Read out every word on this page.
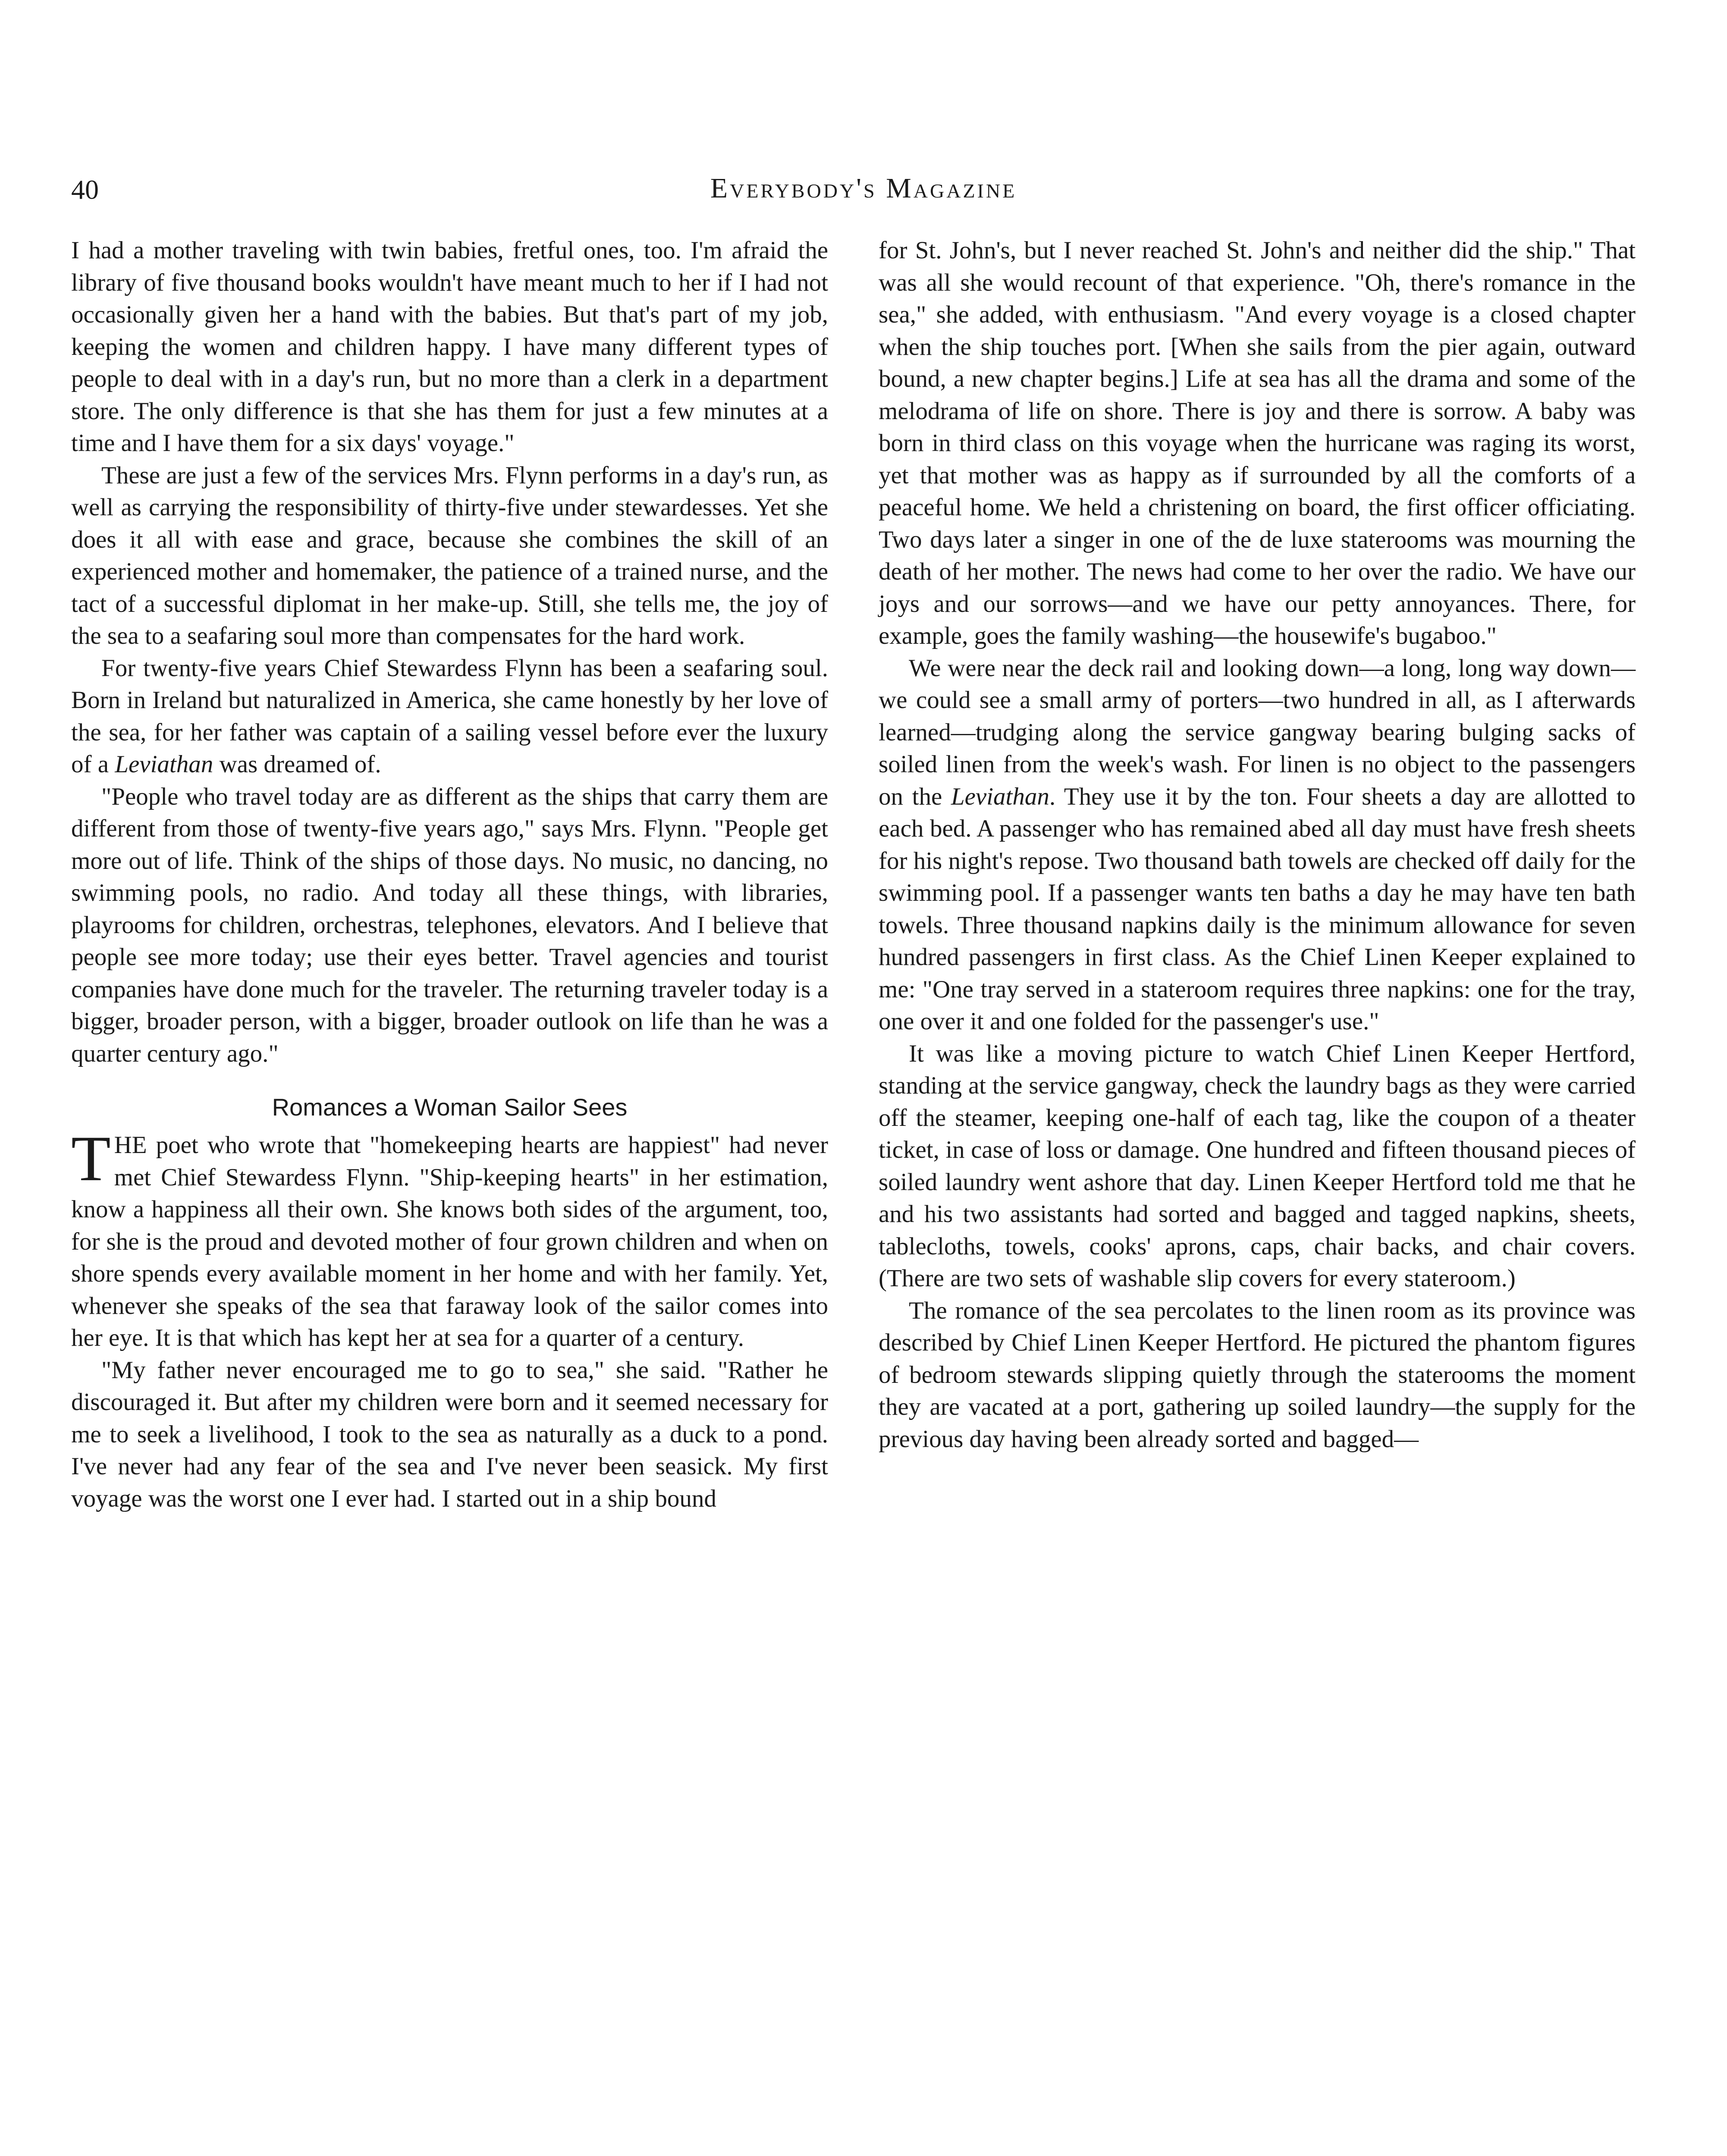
40	Everybody's Magazine

I had a mother traveling with twin babies, fretful ones, too. I'm afraid the library of five thousand books wouldn't have meant much to her if I had not occasionally given her a hand with the babies. But that's part of my job, keeping the women and children happy. I have many different types of people to deal with in a day's run, but no more than a clerk in a department store. The only difference is that she has them for just a few minutes at a time and I have them for a six days' voyage."

These are just a few of the services Mrs. Flynn performs in a day's run, as well as carrying the responsibility of thirty-five under stewardesses. Yet she does it all with ease and grace, because she combines the skill of an experienced mother and homemaker, the patience of a trained nurse, and the tact of a successful diplomat in her make-up. Still, she tells me, the joy of the sea to a seafaring soul more than compensates for the hard work.

For twenty-five years Chief Stewardess Flynn has been a seafaring soul. Born in Ireland but naturalized in America, she came honestly by her love of the sea, for her father was captain of a sailing vessel before ever the luxury of a Leviathan was dreamed of.

"People who travel today are as different as the ships that carry them are different from those of twenty-five years ago," says Mrs. Flynn. "People get more out of life. Think of the ships of those days. No music, no dancing, no swimming pools, no radio. And today all these things, with libraries, playrooms for children, orchestras, telephones, elevators. And I believe that people see more today; use their eyes better. Travel agencies and tourist companies have done much for the traveler. The returning traveler today is a bigger, broader person, with a bigger, broader outlook on life than he was a quarter century ago."

Romances a Woman Sailor Sees

THE poet who wrote that "homekeeping hearts are happiest" had never met Chief Stewardess Flynn. "Ship-keeping hearts" in her estimation, know a happiness all their own. She knows both sides of the argument, too, for she is the proud and devoted mother of four grown children and when on shore spends every available moment in her home and with her family. Yet, whenever she speaks of the sea that faraway look of the sailor comes into her eye. It is that which has kept her at sea for a quarter of a century.

"My father never encouraged me to go to sea," she said. "Rather he discouraged it. But after my children were born and it seemed necessary for me to seek a livelihood, I took to the sea as naturally as a duck to a pond. I've never had any fear of the sea and I've never been seasick. My first voyage was the worst one I ever had. I started out in a ship bound

for St. John's, but I never reached St. John's and neither did the ship." That was all she would recount of that experience. "Oh, there's romance in the sea," she added, with enthusiasm. "And every voyage is a closed chapter when the ship touches port. [When she sails from the pier again, outward bound, a new chapter begins.] Life at sea has all the drama and some of the melodrama of life on shore. There is joy and there is sorrow. A baby was born in third class on this voyage when the hurricane was raging its worst, yet that mother was as happy as if surrounded by all the comforts of a peaceful home. We held a christening on board, the first officer officiating. Two days later a singer in one of the de luxe staterooms was mourning the death of her mother. The news had come to her over the radio. We have our joys and our sorrows—and we have our petty annoyances. There, for example, goes the family washing—the housewife's bugaboo."

We were near the deck rail and looking down—a long, long way down—we could see a small army of porters—two hundred in all, as I afterwards learned—trudging along the service gangway bearing bulging sacks of soiled linen from the week's wash. For linen is no object to the passengers on the Leviathan. They use it by the ton. Four sheets a day are allotted to each bed. A passenger who has remained abed all day must have fresh sheets for his night's repose. Two thousand bath towels are checked off daily for the swimming pool. If a passenger wants ten baths a day he may have ten bath towels. Three thousand napkins daily is the minimum allowance for seven hundred passengers in first class. As the Chief Linen Keeper explained to me: "One tray served in a stateroom requires three napkins: one for the tray, one over it and one folded for the passenger's use."

It was like a moving picture to watch Chief Linen Keeper Hertford, standing at the service gangway, check the laundry bags as they were carried off the steamer, keeping one-half of each tag, like the coupon of a theater ticket, in case of loss or damage. One hundred and fifteen thousand pieces of soiled laundry went ashore that day. Linen Keeper Hertford told me that he and his two assistants had sorted and bagged and tagged napkins, sheets, tablecloths, towels, cooks' aprons, caps, chair backs, and chair covers. (There are two sets of washable slip covers for every stateroom.)

The romance of the sea percolates to the linen room as its province was described by Chief Linen Keeper Hertford. He pictured the phantom figures of bedroom stewards slipping quietly through the staterooms the moment they are vacated at a port, gathering up soiled laundry—the supply for the previous day having been already sorted and bagged—
